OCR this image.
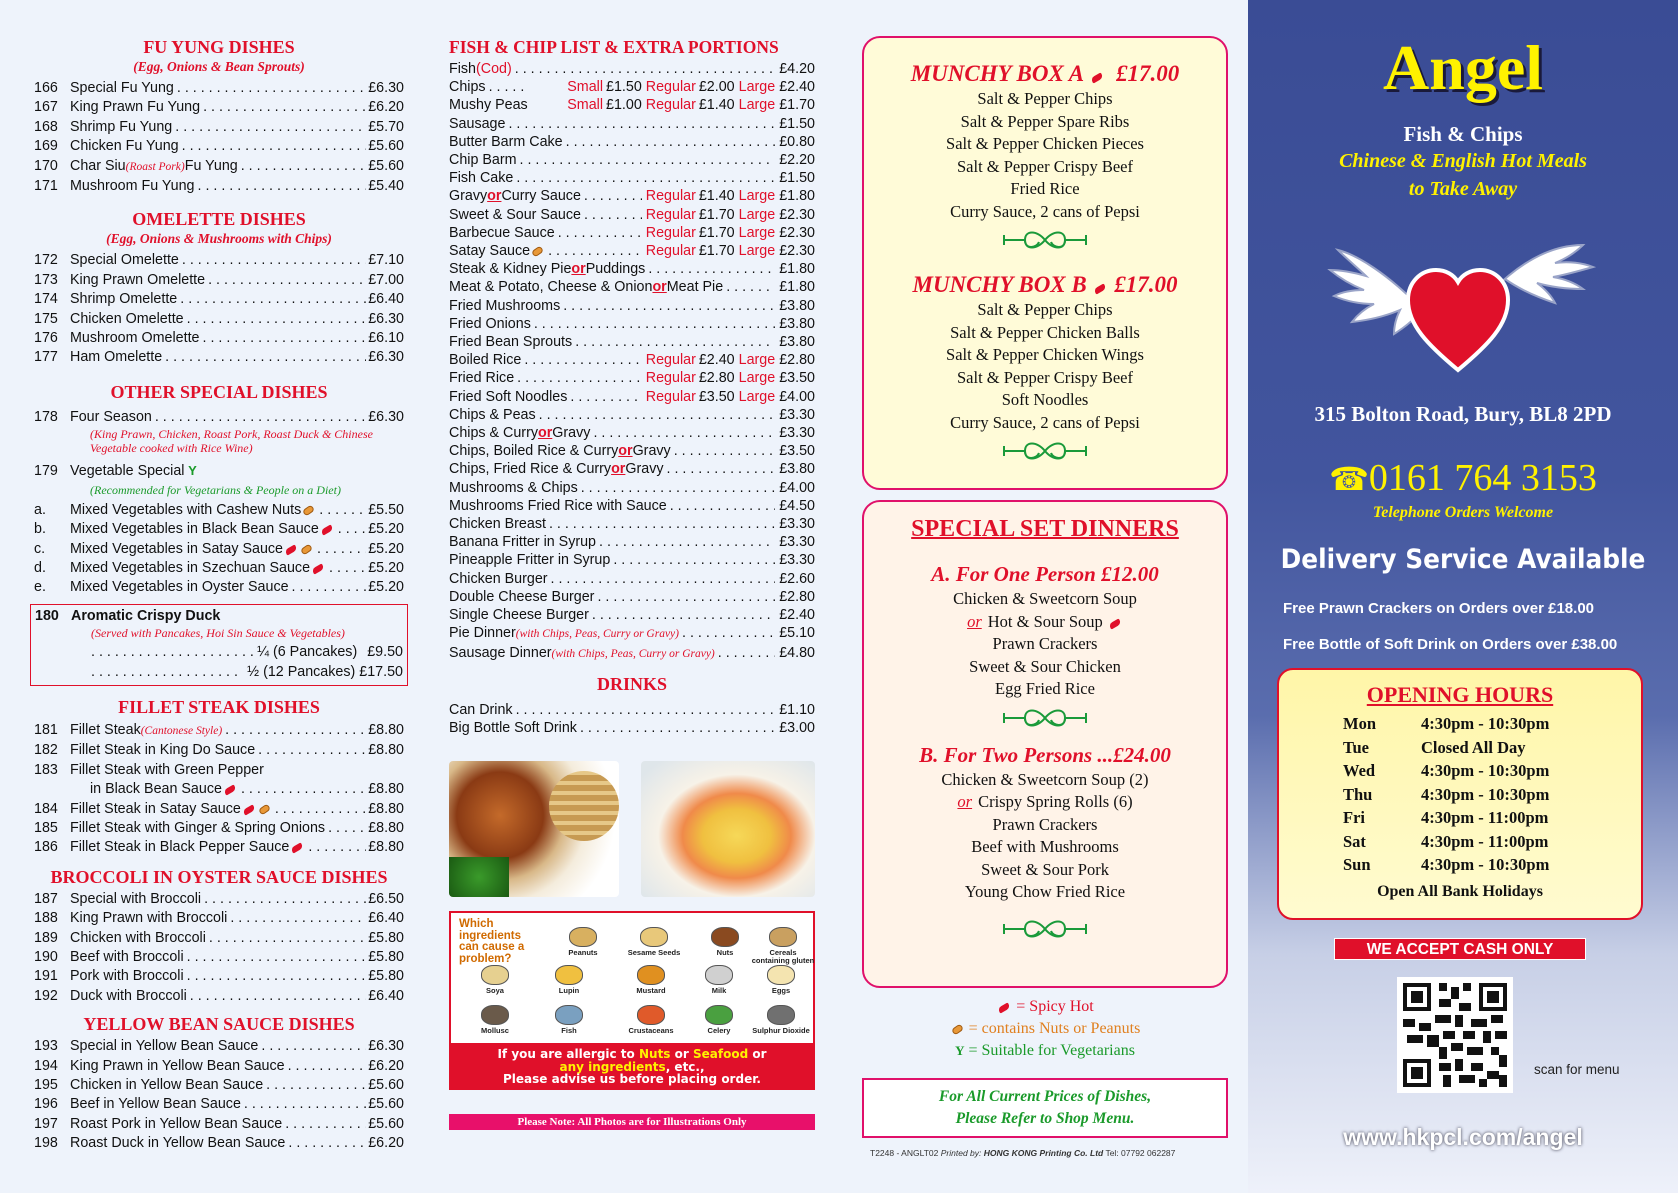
FU YUNG DISHES
(Egg, Onions & Bean Sprouts)
166 Special Fu Yung . . .	£6.30
167 King Prawn Fu Yung . . .	£6.20
168 Shrimp Fu Yung . . .	£5.70
169 Chicken Fu Yung . . .	£5.60
170 Char Siu (Roast Pork) Fu Yung . . .	£5.60
171 Mushroom Fu Yung . . .	£5.40
OMELETTE DISHES
(Egg, Onions & Mushrooms with Chips)
172 Special Omelette . . .	£7.10
173 King Prawn Omelette . . .	£7.00
174 Shrimp Omelette . . .	£6.40
175 Chicken Omelette . . .	£6.30
176 Mushroom Omelette . . .	£6.10
177 Ham Omelette . . .	£6.30
OTHER SPECIAL DISHES
178 Four Season . . .	£6.30
(King Prawn, Chicken, Roast Pork, Roast Duck & Chinese Vegetable cooked with Rice Wine)
179 Vegetable Special Y
(Recommended for Vegetarians & People on a Diet)
a.	Mixed Vegetables with Cashew Nuts . . .	£5.50
b.	Mixed Vegetables in Black Bean Sauce . . .	£5.20
c.	Mixed Vegetables in Satay Sauce . . .	£5.20
d.	Mixed Vegetables in Szechuan Sauce . . .	£5.20
e.	Mixed Vegetables in Oyster Sauce . . .	£5.20
180 Aromatic Crispy Duck
(Served with Pancakes, Hoi Sin Sauce & Vegetables)
. . .
¼ (6 Pancakes) £9.50
. . .
½ (12 Pancakes) £17.50
FILLET STEAK DISHES
181 Fillet Steak (Cantonese Style) . . .	£8.80
182 Fillet Steak in King Do Sauce . . .	£8.80
183 Fillet Steak with Green Pepper
in Black Bean Sauce . . .	£8.80
184 Fillet Steak in Satay Sauce . . .	£8.80
185 Fillet Steak with Ginger & Spring Onions . . .	£8.80
186 Fillet Steak in Black Pepper Sauce . . .	£8.80
BROCCOLI IN OYSTER SAUCE DISHES
187 Special with Broccoli . . .	£6.50
188 King Prawn with Broccoli . . .	£6.40
189 Chicken with Broccoli . . .	£5.80
190 Beef with Broccoli . . .	£5.80
191 Pork with Broccoli . . .	£5.80
192 Duck with Broccoli . . .	£6.40
YELLOW BEAN SAUCE DISHES
193 Special in Yellow Bean Sauce . . .	£6.30
194 King Prawn in Yellow Bean Sauce . . .	£6.20
195 Chicken in Yellow Bean Sauce . . .	£5.60
196 Beef in Yellow Bean Sauce . . .	£5.60
197 Roast Pork in Yellow Bean Sauce . . .	£5.60
198 Roast Duck in Yellow Bean Sauce . . .	£6.20
FISH & CHIP LIST & EXTRA PORTIONS
Fish (Cod) . . .	£4.20
Chips . . .	Small £1.50 Regular £2.00 Large £2.40
Mushy Peas	Small £1.00 Regular £1.40 Large £1.70
Sausage . . .	£1.50
Butter Barm Cake . . .	£0.80
Chip Barm . . .	£2.20
Fish Cake . . .	£1.50
Gravy or Curry Sauce . . .	Regular £1.40 Large £1.80
Sweet & Sour Sauce . . .	Regular £1.70 Large £2.30
Barbecue Sauce . . .	Regular £1.70 Large £2.30
Satay Sauce . . .	Regular £1.70 Large £2.30
Steak & Kidney Pie or Puddings . . .	£1.80
Meat & Potato, Cheese & Onion or Meat Pie . . .	£1.80
Fried Mushrooms . . .	£3.80
Fried Onions . . .	£3.80
Fried Bean Sprouts . . .	£3.80
Boiled Rice . . .	Regular £2.40 Large £2.80
Fried Rice . . .	Regular £2.80 Large £3.50
Fried Soft Noodles . . .	Regular £3.50 Large £4.00
Chips & Peas . . .	£3.30
Chips & Curry or Gravy . . .	£3.30
Chips, Boiled Rice & Curry or Gravy . . .	£3.50
Chips, Fried Rice & Curry or Gravy . . .	£3.80
Mushrooms & Chips . . .	£4.00
Mushrooms Fried Rice with Sauce . . .	£4.50
Chicken Breast . . .	£3.30
Banana Fritter in Syrup . . .	£3.30
Pineapple Fritter in Syrup . . .	£3.30
Chicken Burger . . .	£2.60
Double Cheese Burger . . .	£2.80
Single Cheese Burger . . .	£2.40
Pie Dinner (with Chips, Peas, Curry or Gravy) . . .	£5.10
Sausage Dinner (with Chips, Peas, Curry or Gravy) . . .	£4.80
DRINKS
Can Drink . . .	£1.10
Big Bottle Soft Drink . . .	£3.00
Which ingredients can cause a problem?	Peanuts	Sesame Seeds	Nuts	Cereals containing gluten
Soya	Lupin	Mustard	Milk	Eggs
Mollusc	Fish	Crustaceans	Celery	Sulphur Dioxide
If you are allergic to Nuts or Seafood or
any ingredients, etc.,
Please advise us before placing order.
Please Note: All Photos are for Illustrations Only
MUNCHY BOX A £17.00
Salt & Pepper Chips
Salt & Pepper Spare Ribs
Salt & Pepper Chicken Pieces
Salt & Pepper Crispy Beef
Fried Rice
Curry Sauce, 2 cans of Pepsi
MUNCHY BOX B £17.00
Salt & Pepper Chips
Salt & Pepper Chicken Balls
Salt & Pepper Chicken Wings
Salt & Pepper Crispy Beef
Soft Noodles
Curry Sauce, 2 cans of Pepsi
SPECIAL SET DINNERS
A. For One Person £12.00
Chicken & Sweetcorn Soup
or Hot & Sour Soup
Prawn Crackers
Sweet & Sour Chicken
Egg Fried Rice
B. For Two Persons ...£24.00
Chicken & Sweetcorn Soup (2)
or Crispy Spring Rolls (6)
Prawn Crackers
Beef with Mushrooms
Sweet & Sour Pork
Young Chow Fried Rice
= Spicy Hot
= contains Nuts or Peanuts
Y = Suitable for Vegetarians
For All Current Prices of Dishes,
Please Refer to Shop Menu.
T2248 - ANGLT02 Printed by: HONG KONG Printing Co. Ltd Tel: 07792 062287
Angel
Fish & Chips
Chinese & English Hot Meals
to Take Away
315 Bolton Road, Bury, BL8 2PD
☎0161 764 3153
Telephone Orders Welcome
Delivery Service Available
Free Prawn Crackers on Orders over £18.00
Free Bottle of Soft Drink on Orders over £38.00
OPENING HOURS
Mon	4:30pm - 10:30pm
Tue	Closed All Day
Wed	4:30pm - 10:30pm
Thu	4:30pm - 10:30pm
Fri	4:30pm - 11:00pm
Sat	4:30pm - 11:00pm
Sun	4:30pm - 10:30pm
Open All Bank Holidays
WE ACCEPT CASH ONLY
scan for menu
www.hkpcl.com/angel
